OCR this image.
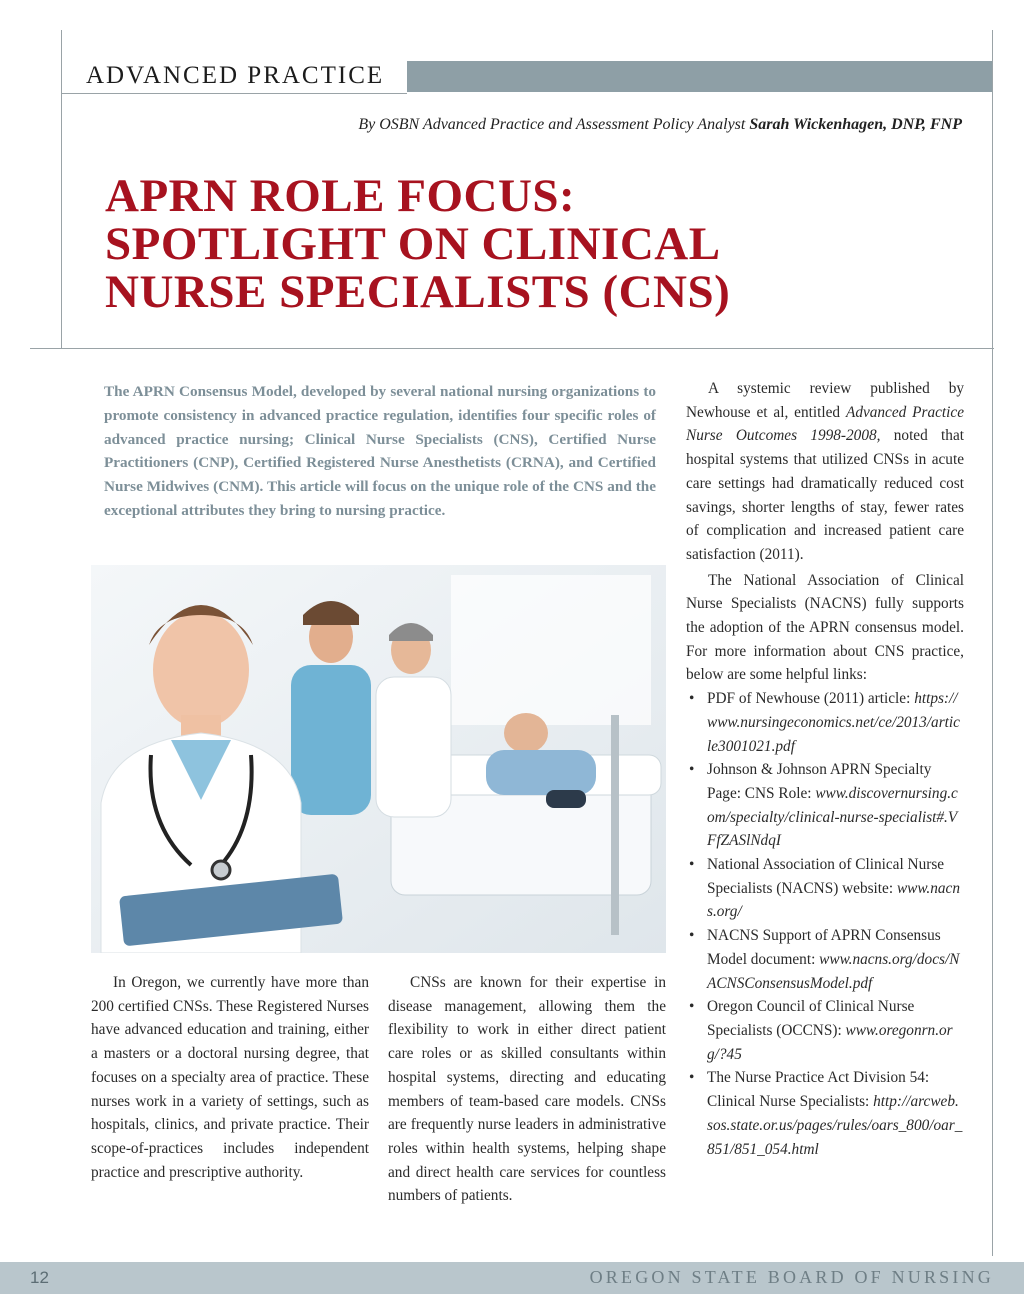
ADVANCED PRACTICE
By OSBN Advanced Practice and Assessment Policy Analyst Sarah Wickenhagen, DNP, FNP
APRN ROLE FOCUS:
SPOTLIGHT ON CLINICAL
NURSE SPECIALISTS (CNS)
The APRN Consensus Model, developed by several national nursing organizations to promote consistency in advanced practice regulation, identifies four specific roles of advanced practice nursing; Clinical Nurse Specialists (CNS), Certified Nurse Practitioners (CNP), Certified Registered Nurse Anesthetists (CRNA), and Certified Nurse Midwives (CNM). This article will focus on the unique role of the CNS and the exceptional attributes they bring to nursing practice.

In Oregon, we currently have more than 200 certified CNSs. These Registered Nurses have advanced education and training, either a masters or a doctoral nursing degree, that focuses on a specialty area of practice. These nurses work in a variety of settings, such as hospitals, clinics, and private practice. Their scope-of-practices includes independent practice and prescriptive authority.

CNSs are known for their expertise in disease management, allowing them the flexibility to work in either direct patient care roles or as skilled consultants within hospital systems, directing and educating members of team-based care models. CNSs are frequently nurse leaders in administrative roles within health systems, helping shape and direct health care services for countless numbers of patients.

A systemic review published by Newhouse et al, entitled Advanced Practice Nurse Outcomes 1998-2008, noted that hospital systems that utilized CNSs in acute care settings had dramatically reduced cost savings, shorter lengths of stay, fewer rates of complication and increased patient care satisfaction (2011).

The National Association of Clinical Nurse Specialists (NACNS) fully supports the adoption of the APRN consensus model. For more information about CNS practice, below are some helpful links:

• PDF of Newhouse (2011) article: https://www.nursingeconomics.net/ce/2013/article3001021.pdf
• Johnson & Johnson APRN Specialty Page: CNS Role: www.discovernursing.com/specialty/clinical-nurse-specialist#.VFfZASlNdqI
• National Association of Clinical Nurse Specialists (NACNS) website: www.nacns.org/
• NACNS Support of APRN Consensus Model document: www.nacns.org/docs/NACNSConsensusModel.pdf
• Oregon Council of Clinical Nurse Specialists (OCCNS): www.oregonrn.org/?45
• The Nurse Practice Act Division 54: Clinical Nurse Specialists: http://arcweb.sos.state.or.us/pages/rules/oars_800/oar_851/851_054.html
12	OREGON STATE BOARD OF NURSING
